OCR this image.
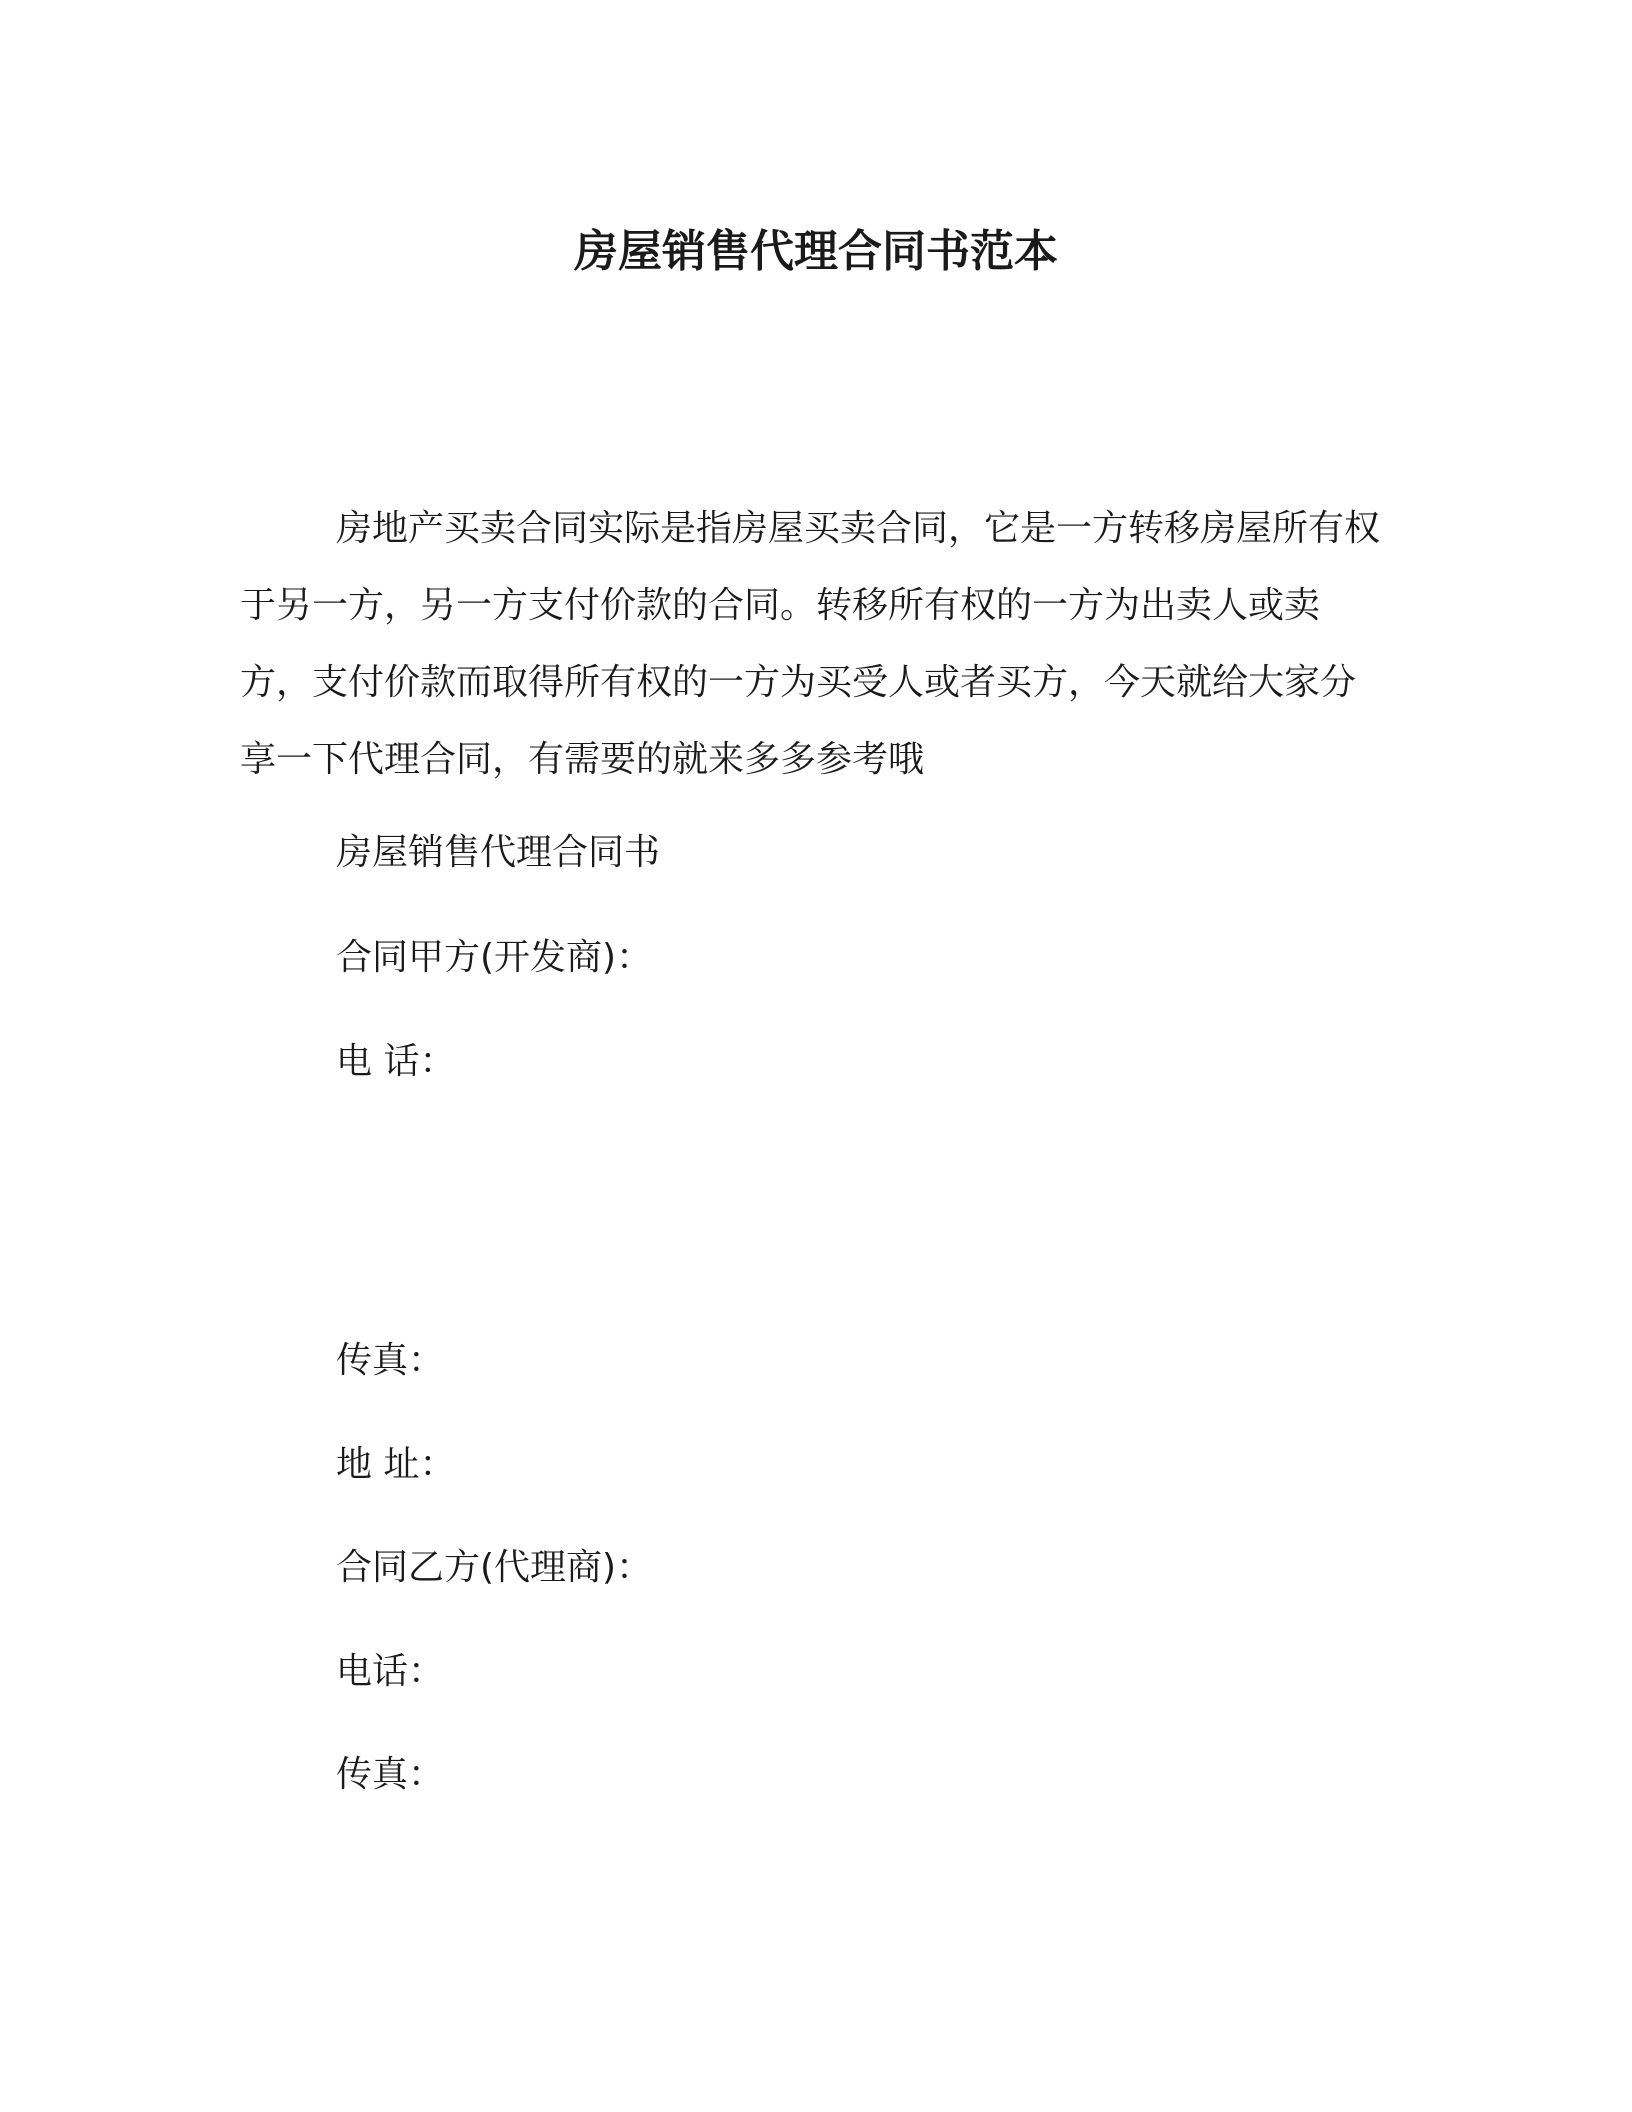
房屋销售代理合同书范本

房地产买卖合同实际是指房屋买卖合同，它是一方转移房屋所有权于另一方，另一方支付价款的合同。转移所有权的一方为出卖人或卖方，支付价款而取得所有权的一方为买受人或者买方，今天就给大家分享一下代理合同，有需要的就来多多参考哦

房屋销售代理合同书

合同甲方(开发商)：

电 话：

传真：

地 址：

合同乙方(代理商)：

电话：

传真：
